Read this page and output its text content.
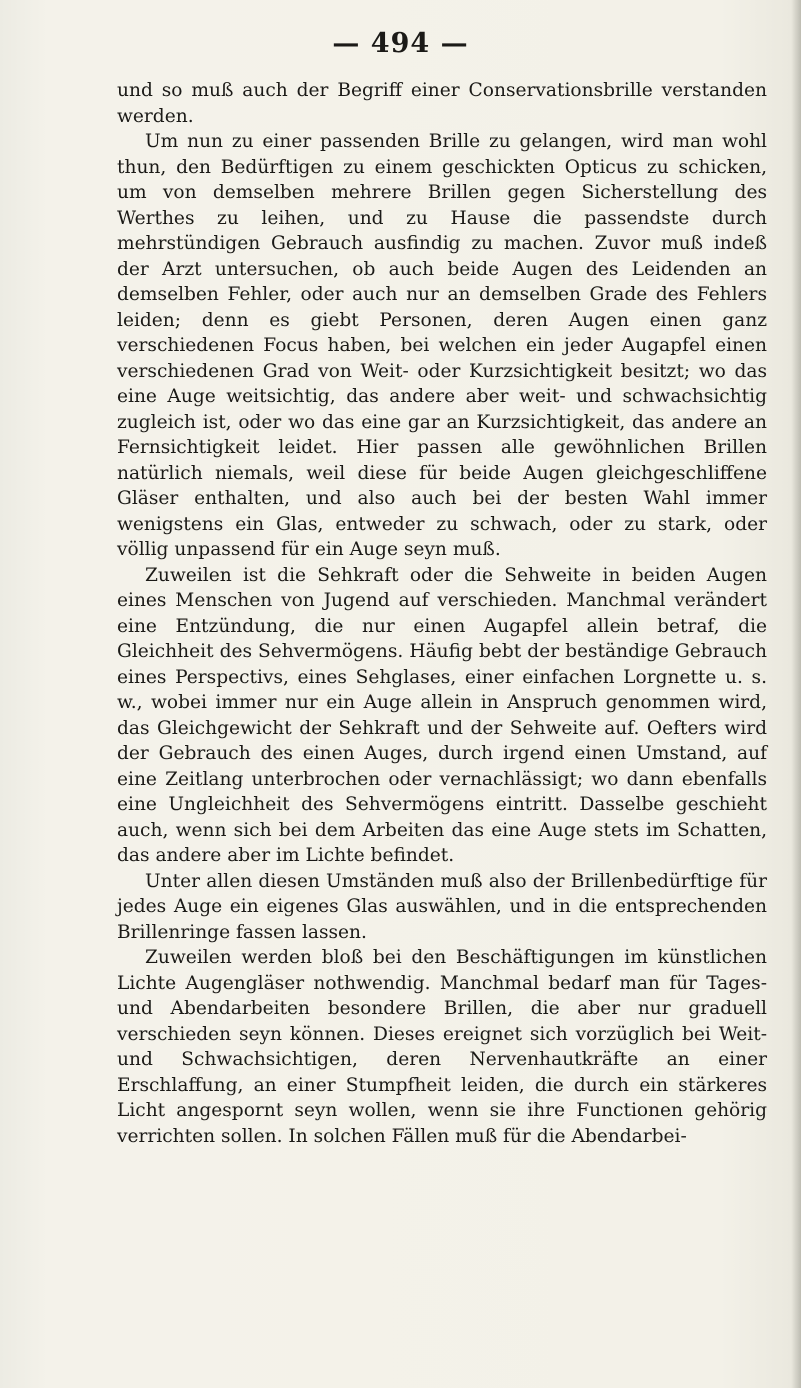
— 494 —

und so muß auch der Begriff einer Conservationsbrille verstanden werden.

Um nun zu einer passenden Brille zu gelangen, wird man wohl thun, den Bedürftigen zu einem geschickten Opticus zu schicken, um von demselben mehrere Brillen gegen Sicherstellung des Werthes zu leihen, und zu Hause die passendste durch mehrstündigen Gebrauch ausfindig zu machen. Zuvor muß indeß der Arzt untersuchen, ob auch beide Augen des Leidenden an demselben Fehler, oder auch nur an demselben Grade des Fehlers leiden; denn es giebt Personen, deren Augen einen ganz verschiedenen Focus haben, bei welchen ein jeder Augapfel einen verschiedenen Grad von Weit- oder Kurzsichtigkeit besitzt; wo das eine Auge weitsichtig, das andere aber weit- und schwachsichtig zugleich ist, oder wo das eine gar an Kurzsichtigkeit, das andere an Fernsichtigkeit leidet. Hier passen alle gewöhnlichen Brillen natürlich niemals, weil diese für beide Augen gleichgeschliffene Gläser enthalten, und also auch bei der besten Wahl immer wenigstens ein Glas, entweder zu schwach, oder zu stark, oder völlig unpassend für ein Auge seyn muß.

Zuweilen ist die Sehkraft oder die Sehweite in beiden Augen eines Menschen von Jugend auf verschieden. Manchmal verändert eine Entzündung, die nur einen Augapfel allein betraf, die Gleichheit des Sehvermögens. Häufig bebt der beständige Gebrauch eines Perspectivs, eines Sehglases, einer einfachen Lorgnette u. s. w., wobei immer nur ein Auge allein in Anspruch genommen wird, das Gleichgewicht der Sehkraft und der Sehweite auf. Oefters wird der Gebrauch des einen Auges, durch irgend einen Umstand, auf eine Zeitlang unterbrochen oder vernachlässigt; wo dann ebenfalls eine Ungleichheit des Sehvermögens eintritt. Dasselbe geschieht auch, wenn sich bei dem Arbeiten das eine Auge stets im Schatten, das andere aber im Lichte befindet.

Unter allen diesen Umständen muß also der Brillenbedürftige für jedes Auge ein eigenes Glas auswählen, und in die entsprechenden Brillenringe fassen lassen.

Zuweilen werden bloß bei den Beschäftigungen im künstlichen Lichte Augengläser nothwendig. Manchmal bedarf man für Tages- und Abendarbeiten besondere Brillen, die aber nur graduell verschieden seyn können. Dieses ereignet sich vorzüglich bei Weit- und Schwachsichtigen, deren Nervenhautkräfte an einer Erschlaffung, an einer Stumpfheit leiden, die durch ein stärkeres Licht angespornt seyn wollen, wenn sie ihre Functionen gehörig verrichten sollen. In solchen Fällen muß für die Abendarbei-
